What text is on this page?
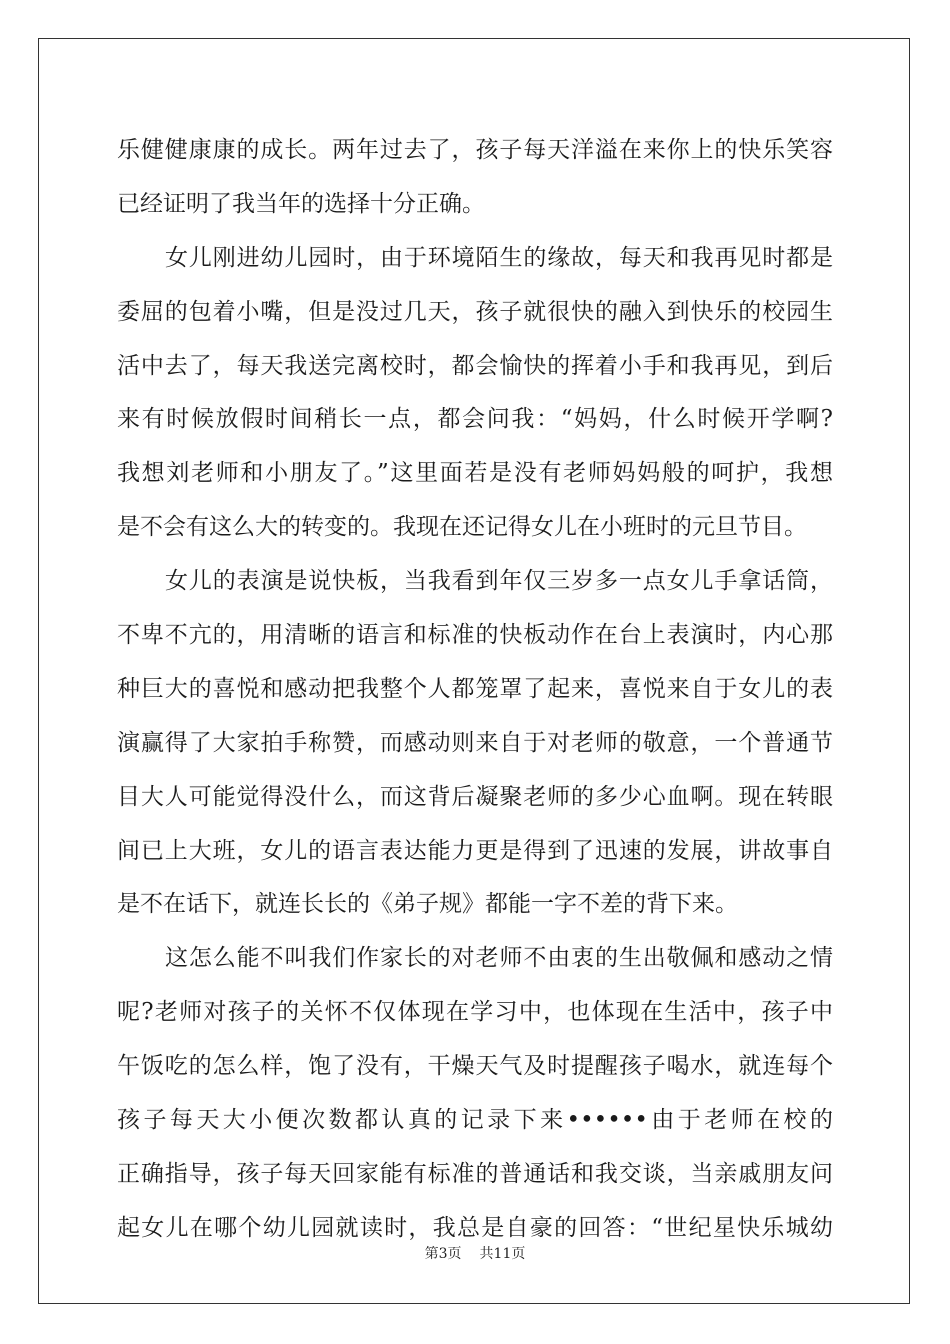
乐健健康康的成长。两年过去了，孩子每天洋溢在来你上的快乐笑容
已经证明了我当年的选择十分正确。
女儿刚进幼儿园时，由于环境陌生的缘故，每天和我再见时都是
委屈的包着小嘴，但是没过几天，孩子就很快的融入到快乐的校园生
活中去了，每天我送完离校时，都会愉快的挥着小手和我再见，到后
来有时候放假时间稍长一点，都会问我：“妈妈，什么时候开学啊?
我想刘老师和小朋友了。”这里面若是没有老师妈妈般的呵护，我想
是不会有这么大的转变的。我现在还记得女儿在小班时的元旦节目。
女儿的表演是说快板，当我看到年仅三岁多一点女儿手拿话筒，
不卑不亢的，用清晰的语言和标准的快板动作在台上表演时，内心那
种巨大的喜悦和感动把我整个人都笼罩了起来，喜悦来自于女儿的表
演赢得了大家拍手称赞，而感动则来自于对老师的敬意，一个普通节
目大人可能觉得没什么，而这背后凝聚老师的多少心血啊。现在转眼
间已上大班，女儿的语言表达能力更是得到了迅速的发展，讲故事自
是不在话下，就连长长的《弟子规》都能一字不差的背下来。
这怎么能不叫我们作家长的对老师不由衷的生出敬佩和感动之情
呢?老师对孩子的关怀不仅体现在学习中，也体现在生活中，孩子中
午饭吃的怎么样，饱了没有，干燥天气及时提醒孩子喝水，就连每个
孩子每天大小便次数都认真的记录下来••••••由于老师在校的
正确指导，孩子每天回家能有标准的普通话和我交谈，当亲戚朋友问
起女儿在哪个幼儿园就读时，我总是自豪的回答：“世纪星快乐城幼
第3页 共11页
